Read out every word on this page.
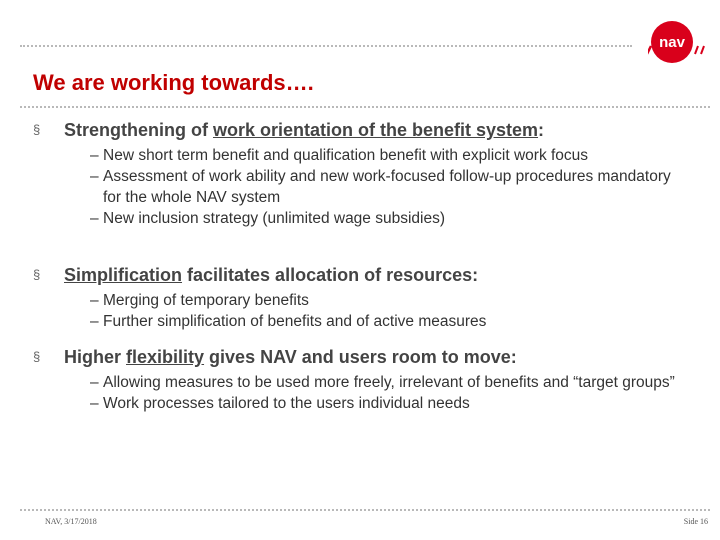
nav
We are working towards….
§ Strengthening of work orientation of the benefit system:
– New short term benefit and qualification benefit with explicit work focus
– Assessment of work ability and new work-focused follow-up procedures mandatory for the whole NAV system
– New inclusion strategy (unlimited wage subsidies)
§ Simplification facilitates allocation of resources:
– Merging of temporary benefits
– Further simplification of benefits and of active measures
§ Higher flexibility gives NAV and users room to move:
– Allowing measures to be used more freely, irrelevant of benefits and “target groups”
– Work processes tailored to the users individual needs
NAV, 3/17/2018	Side 16
